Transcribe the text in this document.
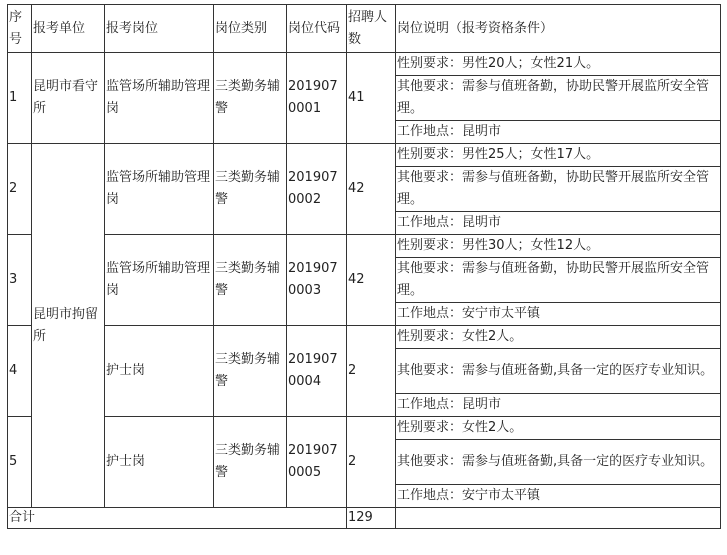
序号	报考单位	报考岗位	岗位类别	岗位代码	招聘人数	岗位说明（报考资格条件）
1	昆明市看守所	监管场所辅助管理岗	三类勤务辅警	2019070001	41	性别要求：男性20人；女性21人。
						其他要求：需参与值班备勤，协助民警开展监所安全管理。
						工作地点：昆明市

2	昆明市拘留所	监管场所辅助管理岗	三类勤务辅警	2019070002	42	性别要求：男性25人；女性17人。
						其他要求：需参与值班备勤，协助民警开展监所安全管理。
						工作地点：昆明市
3		监管场所辅助管理岗	三类勤务辅警	2019070003	42	性别要求：男性30人；女性12人。
						其他要求：需参与值班备勤，协助民警开展监所安全管理。
						工作地点：安宁市太平镇
4		护士岗	三类勤务辅警	2019070004	2	性别要求：女性2人。
						其他要求：需参与值班备勤,具备一定的医疗专业知识。
						工作地点：昆明市
5		护士岗	三类勤务辅警	2019070005	2	性别要求：女性2人。
						其他要求：需参与值班备勤,具备一定的医疗专业知识。
						工作地点：安宁市太平镇
合计					129	
